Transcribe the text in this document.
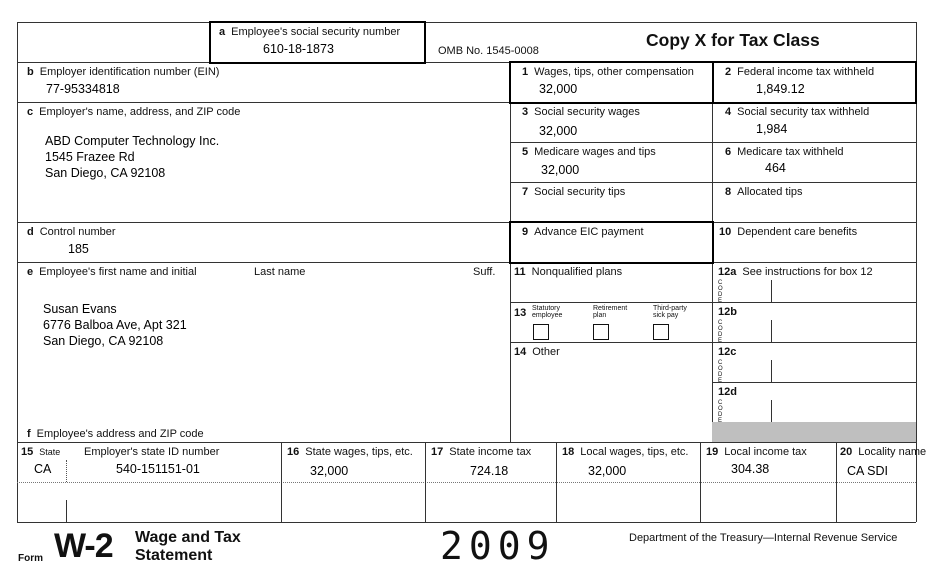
a Employee's social security number
610-18-1873	OMB No. 1545-0008
Copy X for Tax Class
b Employer identification number (EIN)
77-95334818
c Employer's name, address, and ZIP code
ABD Computer Technology Inc.
1545 Frazee Rd
San Diego, CA 92108
d Control number
185
e Employee's first name and initial	Last name	Suff.
Susan Evans
6776 Balboa Ave, Apt 321
San Diego, CA 92108
f Employee's address and ZIP code
1 Wages, tips, other compensation
32,000
2 Federal income tax withheld
1,849.12
3 Social security wages
32,000
4 Social security tax withheld
1,984
5 Medicare wages and tips
32,000
6 Medicare tax withheld
464
7 Social security tips	8 Allocated tips
9 Advance EIC payment	10 Dependent care benefits
11 Nonqualified plans	12a See instructions for box 12
C
O
D
E
12b
C
O
D
E
12c
C
O
D
E
12d
C
O
D
E
13 Statutory employee
Retirement plan
Third-party sick pay
14 Other
15 State Employer's state ID number
CA	540-151151-01
16 State wages, tips, etc.
32,000
17 State income tax
724.18
18 Local wages, tips, etc.
32,000
19 Local income tax
304.38
20 Locality name
CA SDI
Form W-2 Wage and Tax
Statement	2009	Department of the Treasury—Internal Revenue Service
